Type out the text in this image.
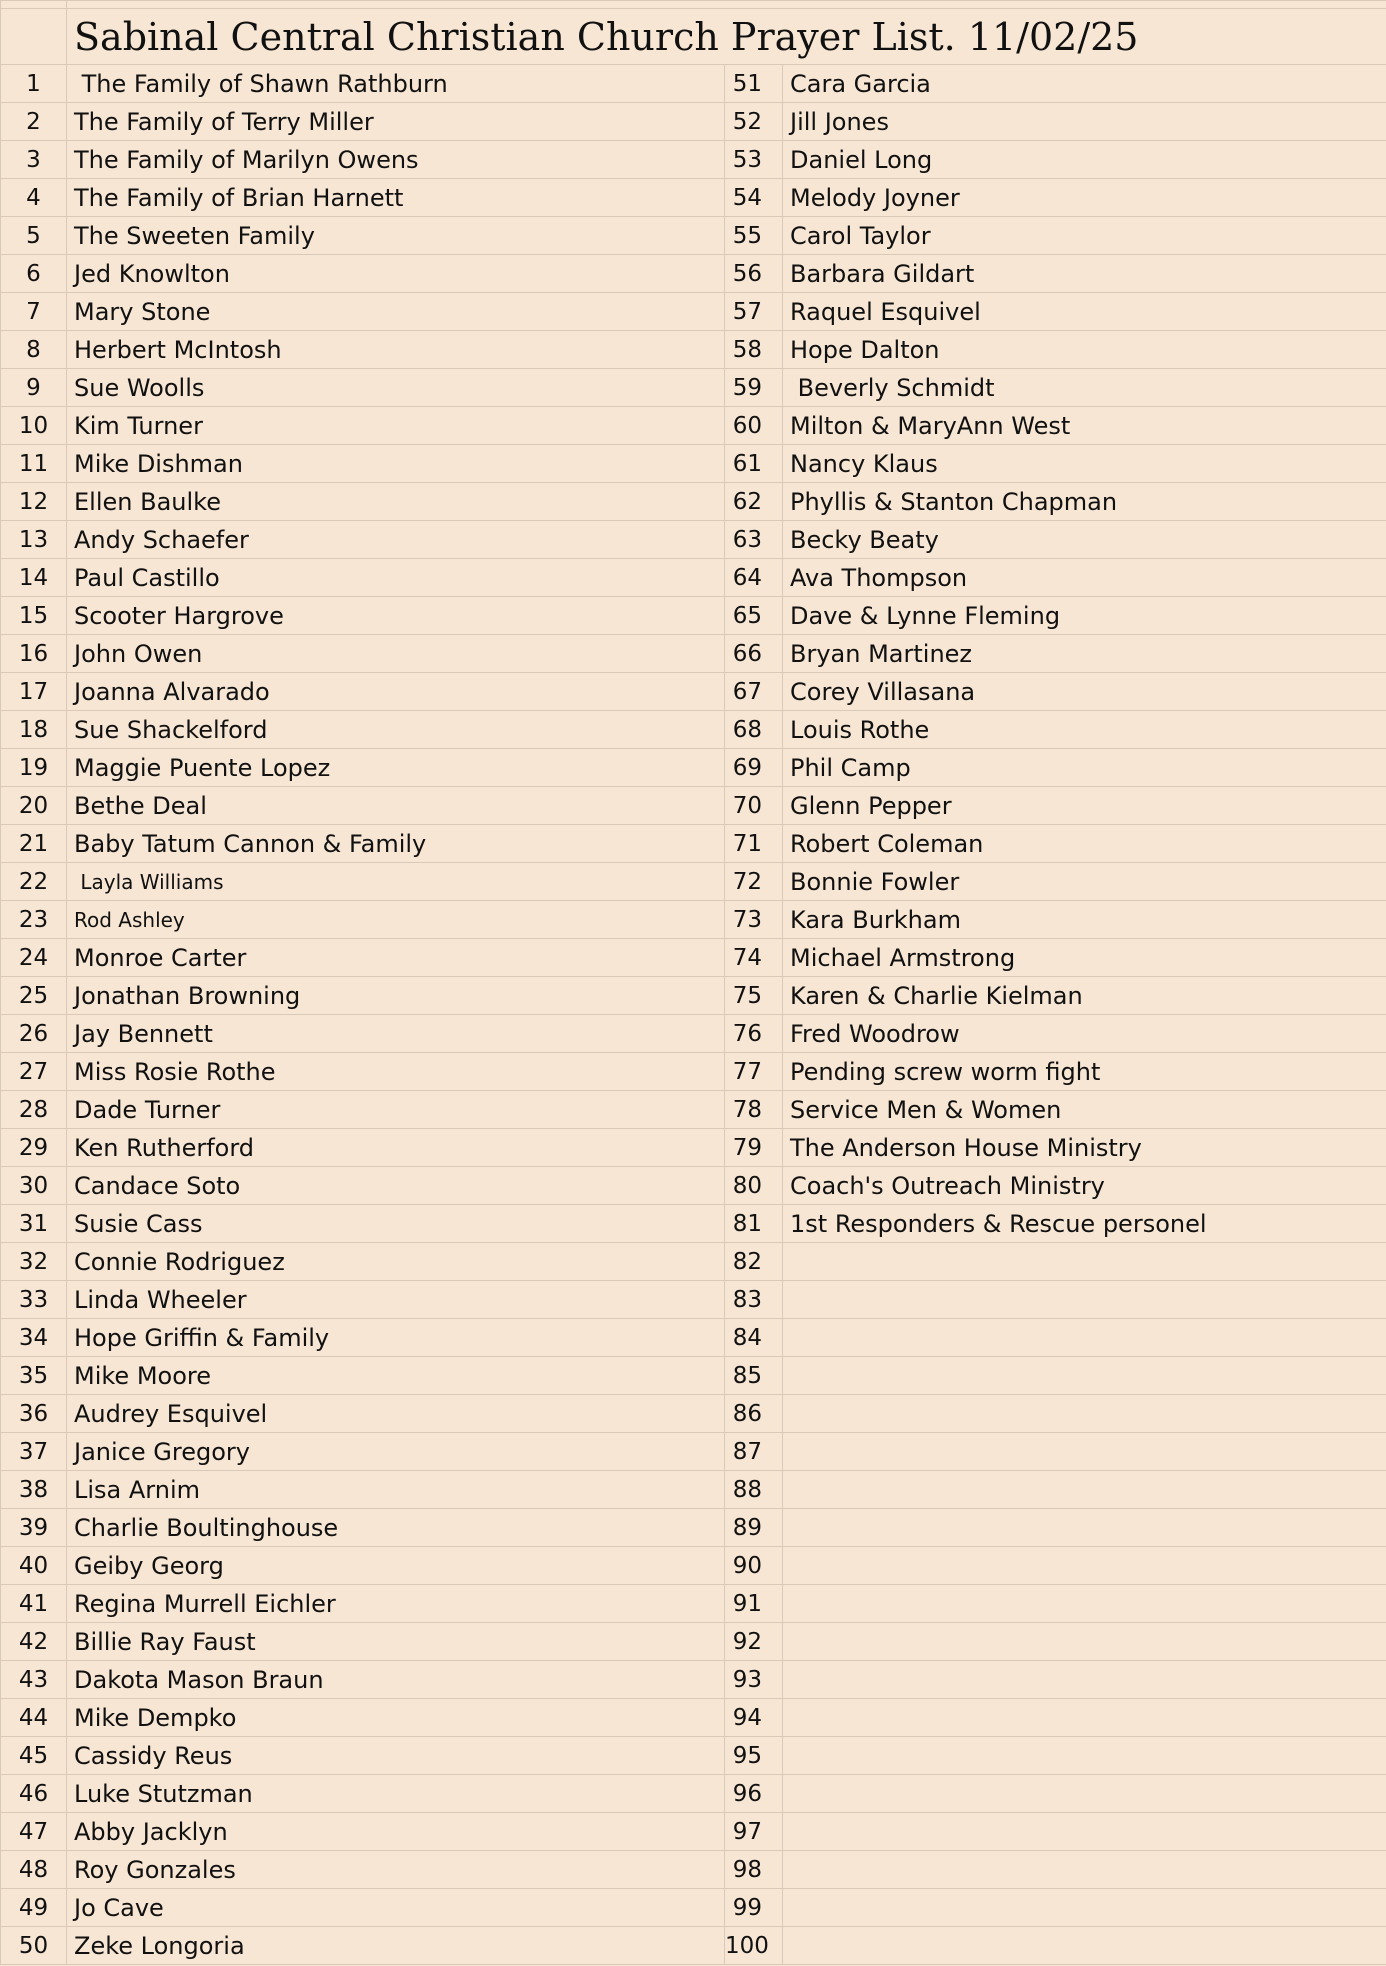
	Sabinal Central Christian Church Prayer List. 11/02/25			
1	The Family of Shawn Rathburn		51	Cara Garcia
2	The Family of Terry Miller		52	Jill Jones
3	The Family of Marilyn Owens		53	Daniel Long
4	The Family of Brian Harnett		54	Melody Joyner
5	The Sweeten Family		55	Carol Taylor
6	Jed Knowlton		56	Barbara Gildart
7	Mary Stone		57	Raquel Esquivel
8	Herbert McIntosh		58	Hope Dalton
9	Sue Woolls		59	Beverly Schmidt
10	Kim Turner		60	Milton & MaryAnn West
11	Mike Dishman		61	Nancy Klaus
12	Ellen Baulke		62	Phyllis & Stanton Chapman
13	Andy Schaefer		63	Becky Beaty
14	Paul Castillo		64	Ava Thompson
15	Scooter Hargrove		65	Dave & Lynne Fleming
16	John Owen		66	Bryan Martinez
17	Joanna Alvarado		67	Corey Villasana
18	Sue Shackelford		68	Louis Rothe
19	Maggie Puente Lopez		69	Phil Camp
20	Bethe Deal		70	Glenn Pepper
21	Baby Tatum Cannon & Family		71	Robert Coleman
22	Layla Williams		72	Bonnie Fowler
23	Rod Ashley		73	Kara Burkham
24	Monroe Carter		74	Michael Armstrong
25	Jonathan Browning		75	Karen & Charlie Kielman
26	Jay Bennett		76	Fred Woodrow
27	Miss Rosie Rothe		77	Pending screw worm fight
28	Dade Turner		78	Service Men & Women
29	Ken Rutherford		79	The Anderson House Ministry
30	Candace Soto		80	Coach's Outreach Ministry
31	Susie Cass		81	1st Responders & Rescue personel
32	Connie Rodriguez		82	
33	Linda Wheeler		83	
34	Hope Griffin & Family		84	
35	Mike Moore		85	
36	Audrey Esquivel		86	
37	Janice Gregory		87	
38	Lisa Arnim		88	
39	Charlie Boultinghouse		89	
40	Geiby Georg		90	
41	Regina Murrell Eichler		91	
42	Billie Ray Faust		92	
43	Dakota Mason Braun		93	
44	Mike Dempko		94	
45	Cassidy Reus		95	
46	Luke Stutzman		96	
47	Abby Jacklyn		97	
48	Roy Gonzales		98	
49	Jo Cave		99	
50	Zeke Longoria		100	
